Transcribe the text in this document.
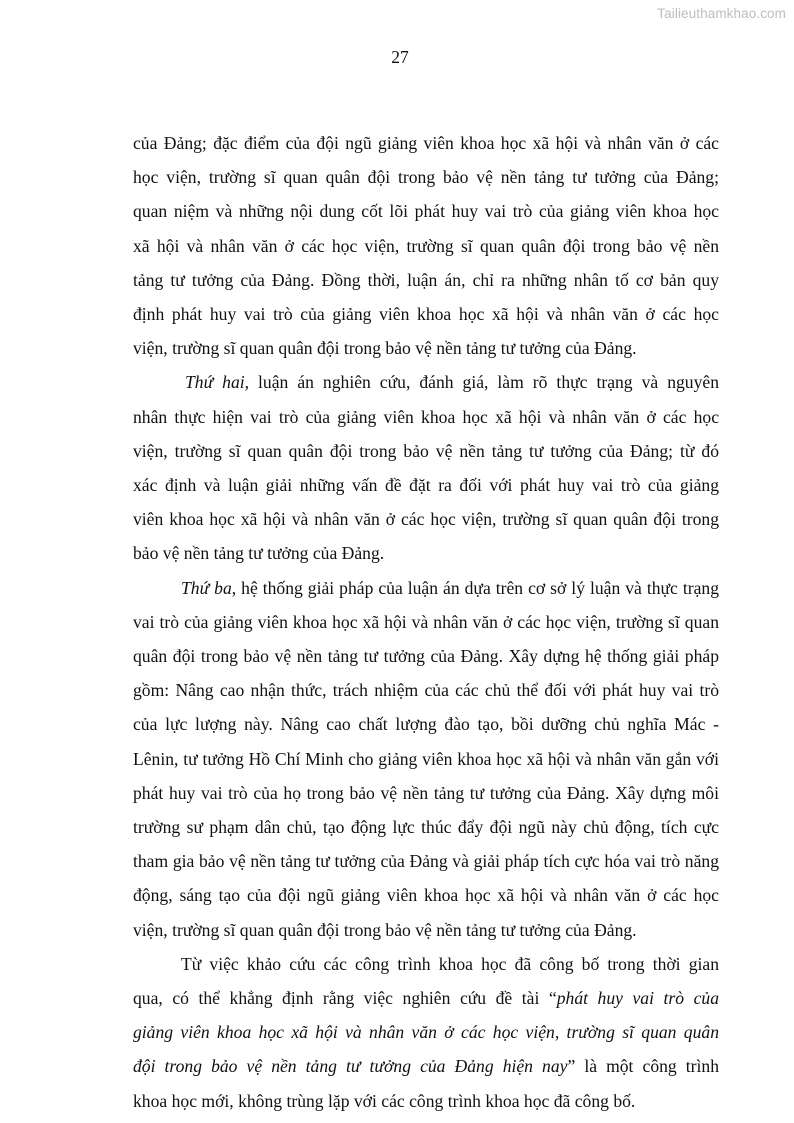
Tailieuthamkhao.com
27
của Đảng; đặc điểm của đội ngũ giảng viên khoa học xã hội và nhân văn ở các
học viện, trường sĩ quan quân đội trong bảo vệ nền tảng tư tưởng của Đảng;
quan niệm và những nội dung cốt lõi phát huy vai trò của giảng viên khoa học
xã hội và nhân văn ở các học viện, trường sĩ quan quân đội trong bảo vệ nền
tảng tư tưởng của Đảng. Đồng thời, luận án, chỉ ra những nhân tố cơ bản quy
định phát huy vai trò của giảng viên khoa học xã hội và nhân văn ở các học
viện, trường sĩ quan quân đội trong bảo vệ nền tảng tư tưởng của Đảng.
Thứ hai, luận án nghiên cứu, đánh giá, làm rõ thực trạng và nguyên
nhân thực hiện vai trò của giảng viên khoa học xã hội và nhân văn ở các học
viện, trường sĩ quan quân đội trong bảo vệ nền tảng tư tưởng của Đảng; từ đó
xác định và luận giải những vấn đề đặt ra đối với phát huy vai trò của giảng
viên khoa học xã hội và nhân văn ở các học viện, trường sĩ quan quân đội trong
bảo vệ nền tảng tư tưởng của Đảng.
Thứ ba, hệ thống giải pháp của luận án dựa trên cơ sở lý luận và thực trạng
vai trò của giảng viên khoa học xã hội và nhân văn ở các học viện, trường sĩ quan
quân đội trong bảo vệ nền tảng tư tưởng của Đảng. Xây dựng hệ thống giải pháp
gồm: Nâng cao nhận thức, trách nhiệm của các chủ thể đối với phát huy vai trò
của lực lượng này. Nâng cao chất lượng đào tạo, bồi dưỡng chủ nghĩa Mác -
Lênin, tư tưởng Hồ Chí Minh cho giảng viên khoa học xã hội và nhân văn gắn với
phát huy vai trò của họ trong bảo vệ nền tảng tư tưởng của Đảng. Xây dựng môi
trường sư phạm dân chủ, tạo động lực thúc đẩy đội ngũ này chủ động, tích cực
tham gia bảo vệ nền tảng tư tưởng của Đảng và giải pháp tích cực hóa vai trò năng
động, sáng tạo của đội ngũ giảng viên khoa học xã hội và nhân văn ở các học
viện, trường sĩ quan quân đội trong bảo vệ nền tảng tư tưởng của Đảng.
Từ việc khảo cứu các công trình khoa học đã công bố trong thời gian
qua, có thể khẳng định rằng việc nghiên cứu đề tài “phát huy vai trò của
giảng viên khoa học xã hội và nhân văn ở các học viện, trường sĩ quan quân
đội trong bảo vệ nền tảng tư tưởng của Đảng hiện nay” là một công trình
khoa học mới, không trùng lặp với các công trình khoa học đã công bố.
